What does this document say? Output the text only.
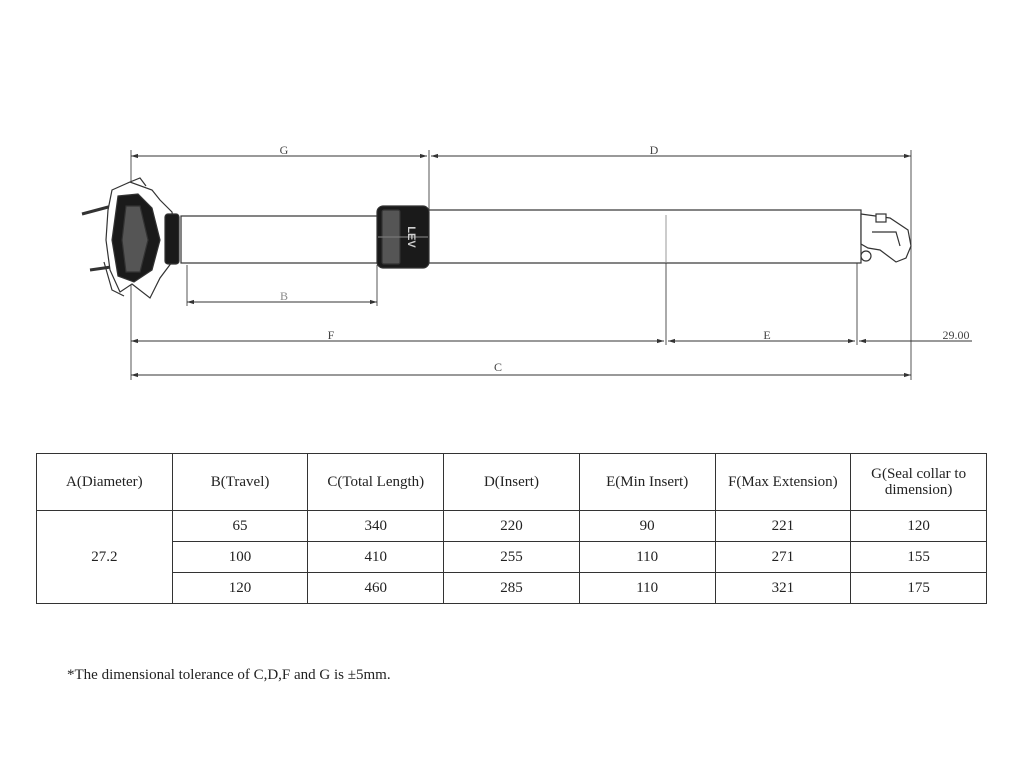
G	D
B
F	E	29.00
C
LEV
A(Diameter)	B(Travel)	C(Total Length)	D(Insert)	E(Min Insert)	F(Max Extension)	G(Seal collar to dimension)
27.2	65	340	220	90	221	120
	100	410	255	110	271	155
	120	460	285	110	321	175
*The dimensional tolerance of C,D,F and G is ±5mm.
